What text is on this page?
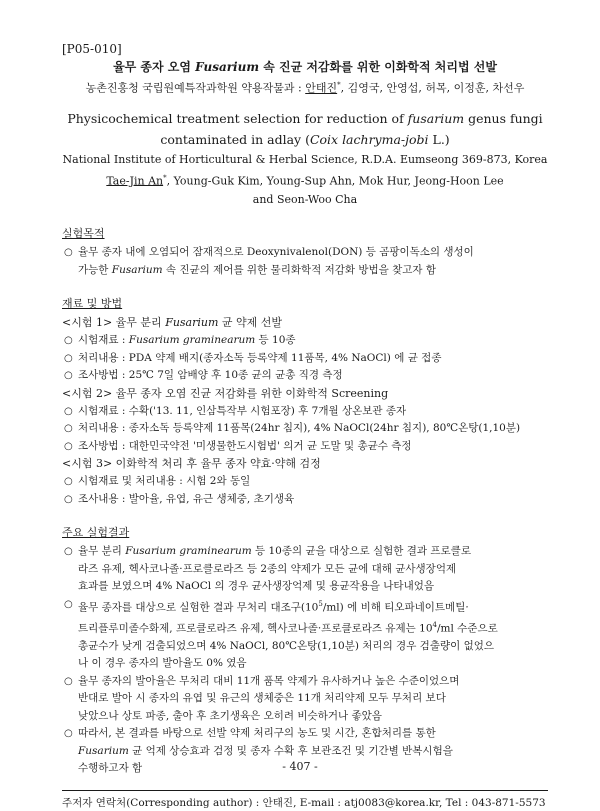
[P05-010]

율무 종자 오염 Fusarium 속 진균 저감화를 위한 이화학적 처리법 선발

농촌진흥청 국립원예특작과학원 약용작물과 : 안태진*, 김영국, 안영섭, 허목, 이정훈, 차선우

Physicochemical treatment selection for reduction of fusarium genus fungi

contaminated in adlay (Coix lachryma-jobi L.)

National Institute of Horticultural & Herbal Science, R.D.A. Eumseong 369-873, Korea

Tae-Jin An*, Young-Guk Kim, Young-Sup Ahn, Mok Hur, Jeong-Hoon Lee

and Seon-Woo Cha

실험목적

○ 율무 종자 내에 오염되어 잠재적으로 Deoxynivalenol(DON) 등 곰팡이독소의 생성이

가능한 Fusarium 속 진균의 제어를 위한 물리화학적 저감화 방법을 찾고자 함

재료 및 방법

<시험 1> 율무 분리 Fusarium 균 약제 선발

○ 시험재료 : Fusarium graminearum 등 10종

○ 처리내용 : PDA 약제 배지(종자소독 등록약제 11품목, 4% NaOCl) 에 균 접종

○ 조사방법 : 25℃ 7일 암배양 후 10종 균의 균총 직경 측정

<시험 2> 율무 종자 오염 진균 저감화를 위한 이화학적 Screening

○ 시험재료 : 수확('13. 11, 인삼특작부 시험포장) 후 7개월 상온보관 종자

○ 처리내용 : 종자소독 등록약제 11품목(24hr 침지), 4% NaOCl(24hr 침지), 80℃온탕(1,10분)

○ 조사방법 : 대한민국약전 '미생물한도시험법' 의거 균 도말 및 총균수 측정

<시험 3> 이화학적 처리 후 율무 종자 약효·약해 검정

○ 시험재료 및 처리내용 : 시험 2와 동일

○ 조사내용 : 발아율, 유엽, 유근 생체중, 초기생육

주요 실험결과

○ 율무 분리 Fusarium graminearum 등 10종의 균을 대상으로 실험한 결과 프로클로

라즈 유제, 헥사코나졸·프로클로라즈 등 2종의 약제가 모든 균에 대해 균사생장억제

효과를 보였으며 4% NaOCl 의 경우 균사생장억제 및 용균작용을 나타내었음

○ 율무 종자를 대상으로 실험한 결과 무처리 대조구$(10^5/ml)$ 에 비해 티오파네이트메틸·

트리플루미졸수화제, 프로클로라즈 유제, 헥사코나졸·프로클로라즈 유제는 $10^4/ml$ 수준으로

총균수가 낮게 검출되었으며 4% NaOCl, 80℃온탕(1,10분) 처리의 경우 검출량이 없었으

나 이 경우 종자의 발아율도 0% 였음

○ 율무 종자의 발아율은 무처리 대비 11개 품목 약제가 유사하거나 높은 수준이었으며

반대로 발아 시 종자의 유엽 및 유근의 생체중은 11개 처리약제 모두 무처리 보다

낮았으나 상토 파종, 출아 후 초기생육은 오히려 비슷하거나 좋았음

○ 따라서, 본 결과를 바탕으로 선발 약제 처리구의 농도 및 시간, 혼합처리를 통한

Fusarium 균 억제 상승효과 검정 및 종자 수확 후 보관조건 및 기간별 반복시험을

수행하고자 함

주저자 연락처(Corresponding author) : 안태진, E-mail : atj0083@korea.kr, Tel : 043-871-5573

- 407 -
